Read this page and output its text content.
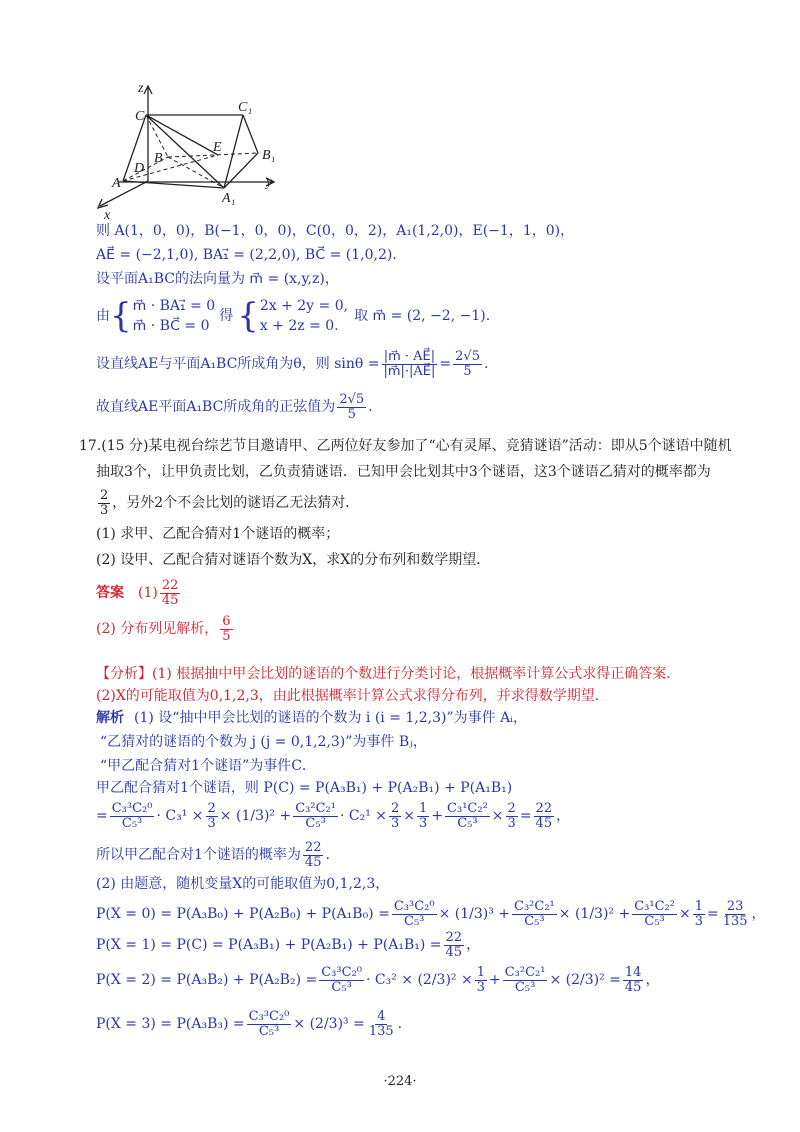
z
C
C₁
B
E
B₁
D
A
A₁
y
x
则 A(1，0，0)，B(−1，0，0)，C(0，0，2)，A₁(1,2,0)，E(−1，1，0)，
AE⃗ = (−2,1,0), BA₁⃗ = (2,2,0), BC⃗ = (1,0,2).
设平面A₁BC的法向量为 m⃗ = (x,y,z)，
由 { m⃗ · BA₁⃗ = 0
m⃗ · BC⃗ = 0
得 { 2x + 2y = 0,
x + 2z = 0.
取 m⃗ = (2, −2, −1).
设直线AE与平面A₁BC所成角为θ，则 $\sin\theta = \frac{|m⃗ \cdot AE⃗|}{|m⃗|\cdot|AE⃗|} = \frac{2√5}{5}$ .
故直线AE平面A₁BC所成角的正弦值为 $\frac{2√5}{5}$ .
17.(15 分)某电视台综艺节目邀请甲、乙两位好友参加了“心有灵犀、竞猜谜语”活动：即从5个谜语中随机
抽取3个，让甲负责比划，乙负责猜谜语．已知甲会比划其中3个谜语，这3个谜语乙猜对的概率都为
$\frac{2}{3}$ ，另外2个不会比划的谜语乙无法猜对．
(1) 求甲、乙配合猜对1个谜语的概率；
(2) 设甲、乙配合猜对谜语个数为X，求X的分布列和数学期望．
答案 $(1) \frac{22}{45}$
(2) 分布列见解析， $\frac{6}{5}$
【分析】(1) 根据抽中甲会比划的谜语的个数进行分类讨论，根据概率计算公式求得正确答案．
(2)X的可能取值为0,1,2,3，由此根据概率计算公式求得分布列，并求得数学期望．
解析 (1) 设“抽中甲会比划的谜语的个数为 i (i = 1,2,3)”为事件 Aᵢ，
“乙猜对的谜语的个数为 j (j = 0,1,2,3)”为事件 Bⱼ，
“甲乙配合猜对1个谜语”为事件C．
甲乙配合猜对1个谜语，则 P(C) = P(A₃B₁) + P(A₂B₁) + P(A₁B₁)
= $\frac{\text{C₃³C₂⁰}}{\text{C₅³}} \cdot C_3^1 \times \frac{2}{3} \times (1/3)^2 + \frac{\text{C₃²C₂¹}}{\text{C₅³}} \cdot C_2^1 \times \frac{2}{3} \times \frac{1}{3} + \frac{\text{C₃¹C₂²}}{\text{C₅³}} \times \frac{2}{3} = \frac{22}{45}$ ，
所以甲乙配合对1个谜语的概率为 $\frac{22}{45}$ .
(2) 由题意，随机变量X的可能取值为0,1,2,3，
$P(X = 0) = P(A_3B_0) + P(A_2B_0) + P(A_1B_0) = \frac{\text{C₃³C₂⁰}}{\text{C₅³}} \times (1/3)^3 + \frac{\text{C₃²C₂¹}}{\text{C₅³}} \times (1/3)^2 + \frac{\text{C₃¹C₂²}}{\text{C₅³}} \times \frac{1}{3} = \frac{23}{135}$ ，
$P(X = 1) = P(C) = P(A_3B_1) + P(A_2B_1) + P(A_1B_1) = \frac{22}{45}$ ，
$P(X = 2) = P(A_3B_2) + P(A_2B_2) = \frac{\text{C₃³C₂⁰}}{\text{C₅³}} \cdot C_3^2 \times (2/3)^2 \times \frac{1}{3} + \frac{\text{C₃²C₂¹}}{\text{C₅³}} \times (2/3)^2 = \frac{14}{45}$ ，
$P(X = 3) = P(A_3B_3) = \frac{\text{C₃³C₂⁰}}{\text{C₅³}} \times (2/3)^3 = \frac{4}{135}$ .
·224·
